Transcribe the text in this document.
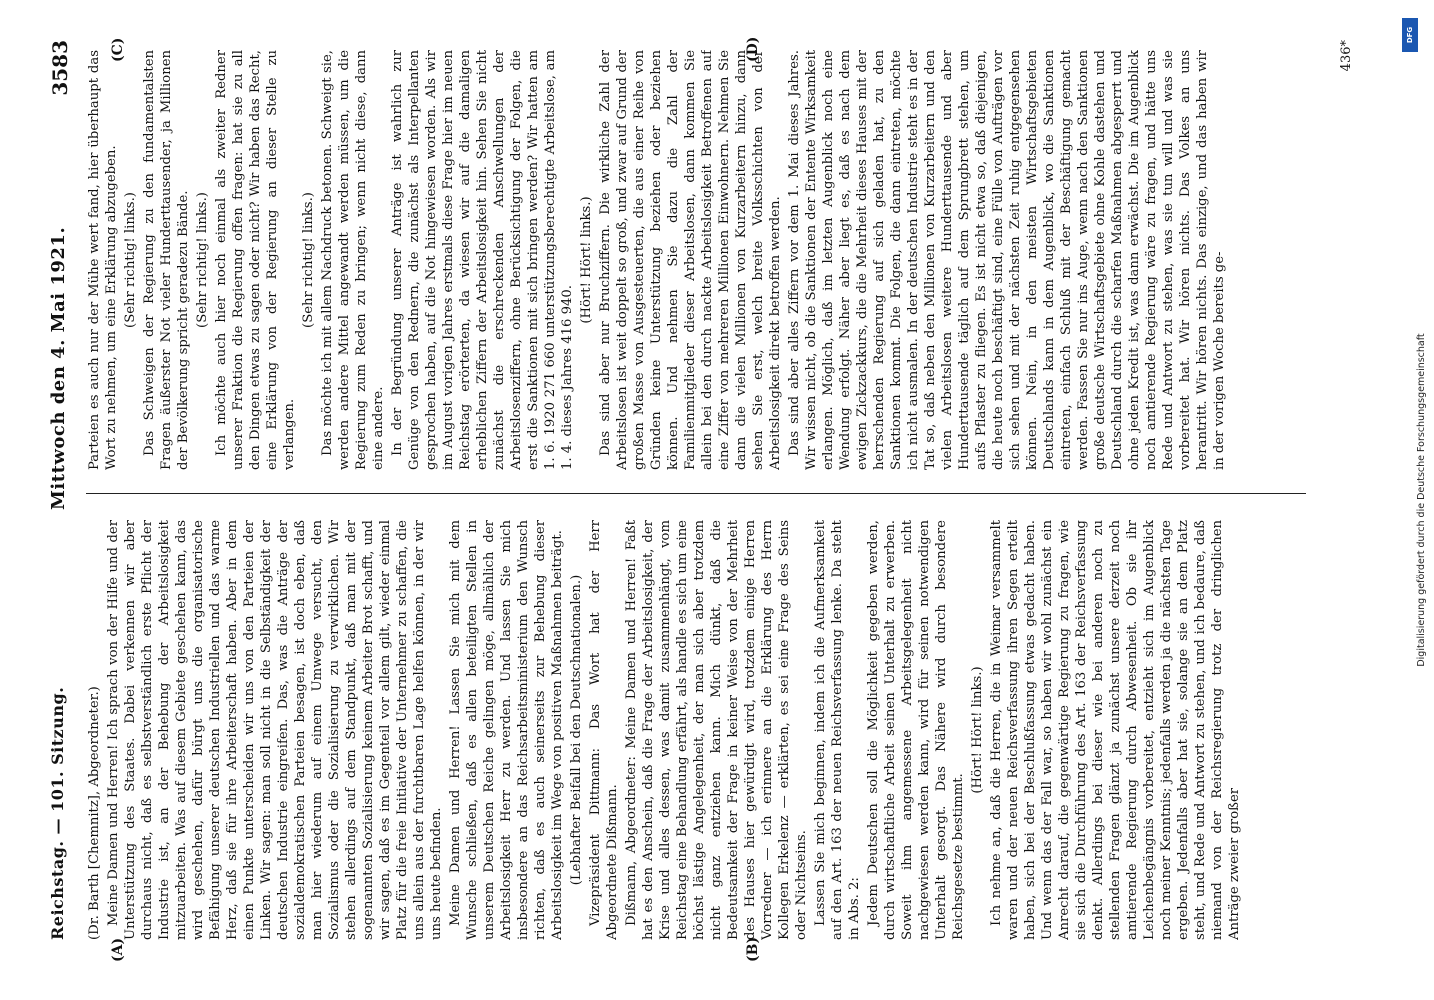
Reichstag. — 101. Sitzung.
Mittwoch den 4. Mai 1921.
3583
(A)	(B)
(C)	(D)

(Dr. Barth [Chemnitz], Abgeordneter.) Meine Damen und Herren! Ich sprach von der Hilfe und der Unterstützung des Staates. Dabei verkennen wir aber durchaus nicht, daß es selbstverständlich erste Pflicht der Industrie ist, an der Behebung der Arbeitslosigkeit mitzuarbeiten. Was auf diesem Gebiete geschehen kann, das wird geschehen, dafür bürgt uns die organisatorische Befähigung unserer deutschen Industriellen und das warme Herz, daß sie für ihre Arbeiterschaft haben. Aber in dem einen Punkte unterscheiden wir uns von den Parteien der Linken. Wir sagen: man soll nicht in die Selbständigkeit der deutschen Industrie eingreifen. Das, was die Anträge der sozialdemokratischen Parteien besagen, ist doch eben, daß man hier wiederum auf einem Umwege versucht, den Sozialismus oder die Sozialisierung zu verwirklichen. Wir stehen allerdings auf dem Standpunkt, daß man mit der sogenannten Sozialisierung keinem Arbeiter Brot schafft, und wir sagen, daß es im Gegenteil vor allem gilt, wieder einmal Platz für die freie Initiative der Unternehmer zu schaffen, die uns allein aus der furchtbaren Lage helfen können, in der wir uns heute befinden. Meine Damen und Herren! Lassen Sie mich mit dem Wunsche schließen, daß es allen beteiligten Stellen in unserem Deutschen Reiche gelingen möge, allmählich der Arbeitslosigkeit Herr zu werden. Und lassen Sie mich insbesondere an das Reichsarbeitsministerium den Wunsch richten, daß es auch seinerseits zur Behebung dieser Arbeitslosigkeit im Wege von positiven Maßnahmen beiträgt. (Lebhafter Beifall bei den Deutschnationalen.) Vizepräsident Dittmann: Das Wort hat der Herr Abgeordnete Dißmann. Dißmann, Abgeordneter: Meine Damen und Herren! Faßt hat es den Anschein, daß die Frage der Arbeitslosigkeit, der Krise und alles dessen, was damit zusammenhängt, vom Reichstag eine Behandlung erfährt, als handle es sich um eine höchst lästige Angelegenheit, der man sich aber trotzdem nicht ganz entziehen kann. Mich dünkt, daß die Bedeutsamkeit der Frage in keiner Weise von der Mehrheit des Hauses hier gewürdigt wird, trotzdem einige Herren Vorredner — ich erinnere an die Erklärung des Herrn Kollegen Erkelenz — erklärten, es sei eine Frage des Seins oder Nichtseins. Lassen Sie mich beginnen, indem ich die Aufmerksamkeit auf den Art. 163 der neuen Reichsverfassung lenke. Da steht in Abs. 2: Jedem Deutschen soll die Möglichkeit gegeben werden, durch wirtschaftliche Arbeit seinen Unterhalt zu erwerben. Soweit ihm angemessene Arbeitsgelegenheit nicht nachgewiesen werden kann, wird für seinen notwendigen Unterhalt gesorgt. Das Nähere wird durch besondere Reichsgesetze bestimmt.

(Hört! Hört! links.) Ich nehme an, daß die Herren, die in Weimar versammelt waren und der neuen Reichsverfassung ihren Segen erteilt haben, sich bei der Beschlußfassung etwas gedacht haben. Und wenn das der Fall war, so haben wir wohl zunächst ein Anrecht darauf, die gegenwärtige Regierung zu fragen, wie sie sich die Durchführung des Art. 163 der Reichsverfassung denkt. Allerdings bei dieser wie bei anderen noch zu stellenden Fragen glänzt ja zunächst unsere derzeit noch amtierende Regierung durch Abwesenheit. Ob sie ihr Leichenbegängnis vorbereitet, entzieht sich im Augenblick noch meiner Kenntnis; jedenfalls werden ja die nächsten Tage ergeben. Jedenfalls aber hat sie, solange sie an dem Platz steht, und Rede und Antwort zu stehen, und ich bedaure, daß niemand von der Reichsregierung trotz der dringlichen Anträge zweier großer

Parteien es auch nur der Mühe wert fand, hier überhaupt das Wort zu nehmen, um eine Erklärung abzugeben. (Sehr richtig! links.) Das Schweigen der Regierung zu den fundamentalsten Fragen äußerster Not vieler Hunderttausender, ja Millionen der Bevölkerung spricht geradezu Bände. (Sehr richtig! links.) Ich möchte auch hier noch einmal als zweiter Redner unserer Fraktion die Regierung offen fragen: hat sie zu all den Dingen etwas zu sagen oder nicht? Wir haben das Recht, eine Erklärung von der Regierung an dieser Stelle zu verlangen.

(Sehr richtig! links.) Das möchte ich mit allem Nachdruck betonen. Schweigt sie, werden andere Mittel angewandt werden müssen, um die Regierung zum Reden zu bringen; wenn nicht diese, dann eine andere. In der Begründung unserer Anträge ist wahrlich zur Genüge von den Rednern, die zunächst als Interpellanten gesprochen haben, auf die Not hingewiesen worden. Als wir im August vorigen Jahres erstmals diese Frage hier im neuen Reichstag erörterten, da wiesen wir auf die damaligen erheblichen Ziffern der Arbeitslosigkeit hin. Sehen Sie nicht zunächst die erschreckenden Anschwellungen der Arbeitslosenziffern, ohne Berücksichtigung der Folgen, die erst die Sanktionen mit sich bringen werden? Wir hatten am 1. 6. 1920 271 660 unterstützungsberechtigte Arbeitslose, am 1. 4. dieses Jahres 416 940.

(Hört! Hört! links.) Das sind aber nur Bruchziffern. Die wirkliche Zahl der Arbeitslosen ist weit doppelt so groß, und zwar auf Grund der großen Masse von Ausgesteuerten, die aus einer Reihe von Gründen keine Unterstützung beziehen oder beziehen können. Und nehmen Sie dazu die Zahl der Familienmitglieder dieser Arbeitslosen, dann kommen Sie allein bei den durch nackte Arbeitslosigkeit Betroffenen auf eine Ziffer von mehreren Millionen Einwohnern. Nehmen Sie dann die vielen Millionen von Kurzarbeitern hinzu, dann sehen Sie erst, welch breite Volksschichten von der Arbeitslosigkeit direkt betroffen werden. Das sind aber alles Ziffern vor dem 1. Mai dieses Jahres. Wir wissen nicht, ob die Sanktionen der Entente Wirksamkeit erlangen. Möglich, daß im letzten Augenblick noch eine Wendung erfolgt. Näher aber liegt es, daß es nach dem ewigen Zickzackkurs, die die Mehrheit dieses Hauses mit der herrschenden Regierung auf sich geladen hat, zu den Sanktionen kommt. Die Folgen, die dann eintreten, möchte ich nicht ausmalen. In der deutschen Industrie steht es in der Tat so, daß neben den Millionen von Kurzarbeitern und den vielen Arbeitslosen weitere Hunderttausende und aber Hunderttausende täglich auf dem Sprungbrett stehen, um aufs Pflaster zu fliegen. Es ist nicht etwa so, daß diejenigen, die heute noch beschäftigt sind, eine Fülle von Aufträgen vor sich sehen und mit der nächsten Zeit ruhig entgegensehen können. Nein, in den meisten Wirtschaftsgebieten Deutschlands kann in dem Augenblick, wo die Sanktionen eintreten, einfach Schluß mit der Beschäftigung gemacht werden. Fassen Sie nur ins Auge, wenn nach den Sanktionen große deutsche Wirtschaftsgebiete ohne Kohle dastehen und Deutschland durch die scharfen Maßnahmen abgesperrt und ohne jeden Kredit ist, was dann erwächst. Die im Augenblick noch amtierende Regierung wäre zu fragen, und hätte uns Rede und Antwort zu stehen, was sie tun will und was sie vorbereitet hat. Wir hören nichts. Das Volkes an uns herantritt. Wir hören nichts. Das einzige, und das haben wir in der vorigen Woche bereits ge-

436*
Digitalisierung gefördert durch die Deutsche Forschungsgemeinschaft
DFG
